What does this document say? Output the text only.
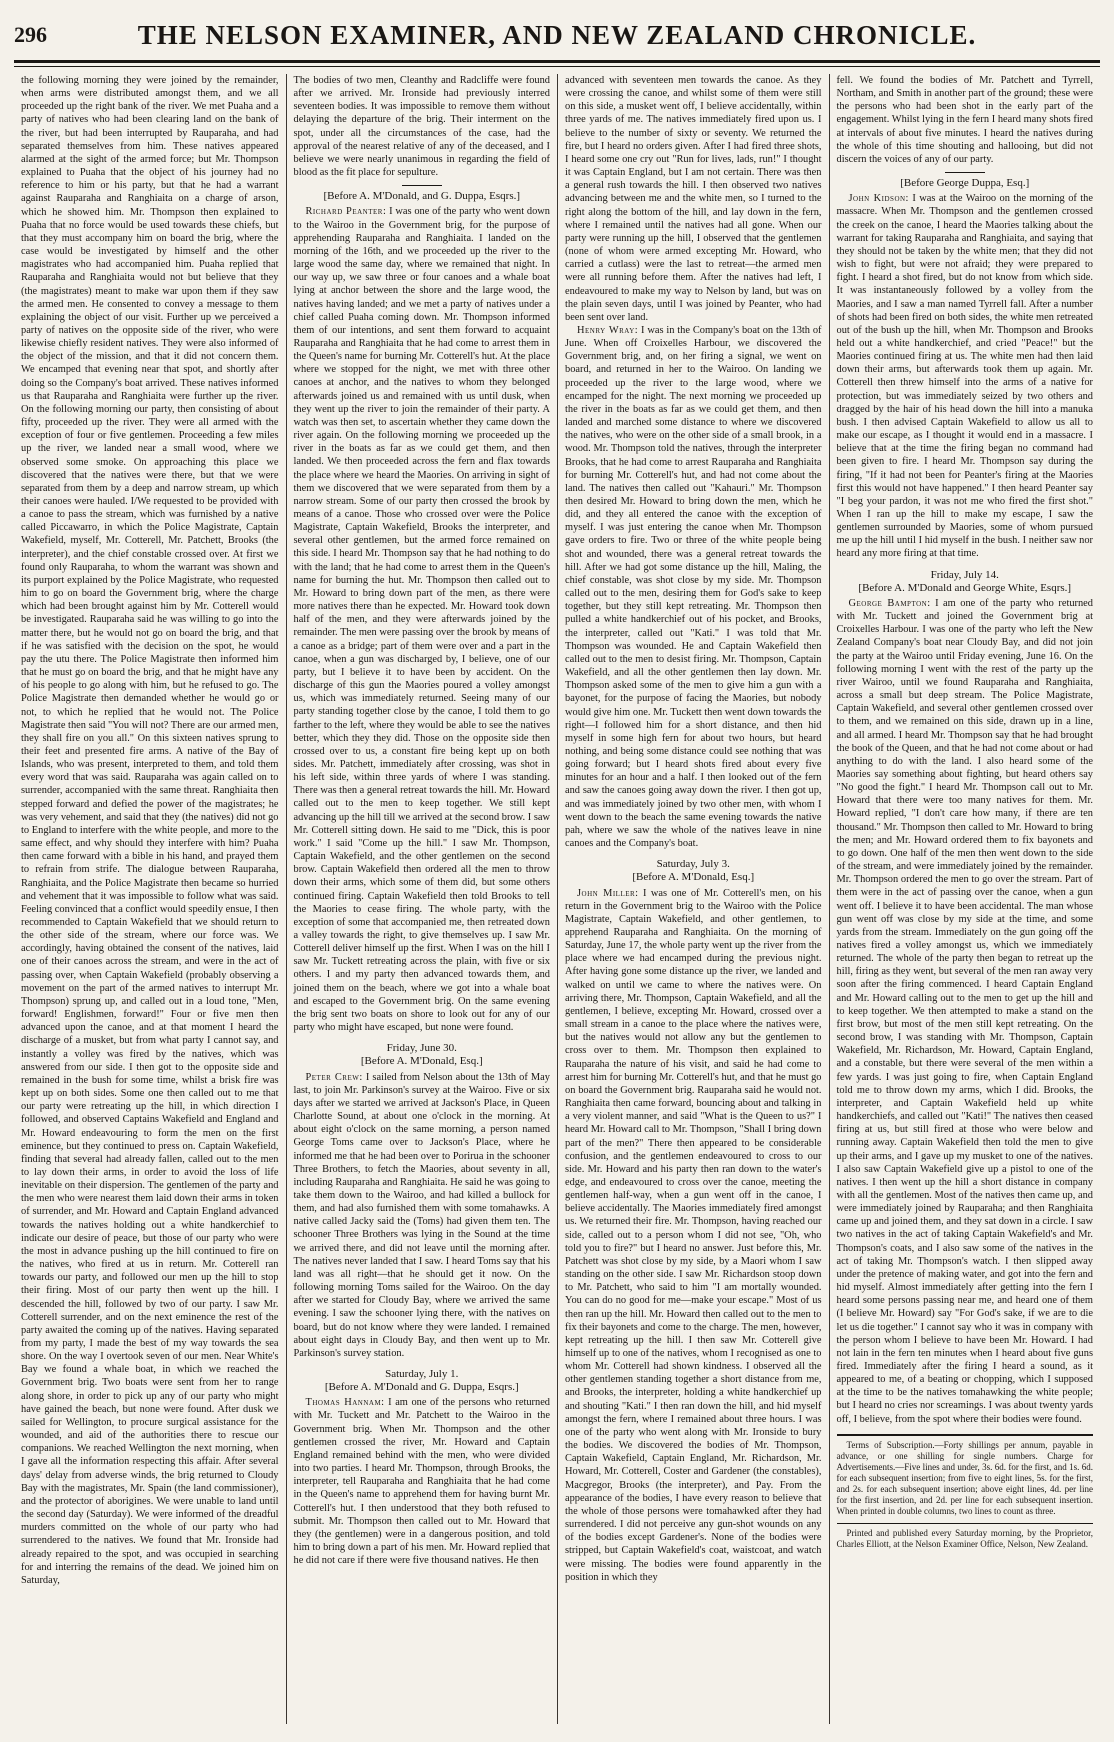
296	THE NELSON EXAMINER, AND NEW ZEALAND CHRONICLE.

the following morning they were joined by the remainder, when arms were distributed amongst them, and we all proceeded up the right bank of the river. We met Puaha and a party of natives who had been clearing land on the bank of the river, but had been interrupted by Rauparaha, and had separated themselves from him. These natives appeared alarmed at the sight of the armed force; but Mr. Thompson explained to Puaha that the object of his journey had no reference to him or his party, but that he had a warrant against Rauparaha and Ranghiaita on a charge of arson, which he showed him. Mr. Thompson then explained to Puaha that no force would be used towards these chiefs, but that they must accompany him on board the brig, where the case would be investigated by himself and the other magistrates who had accompanied him. Puaha replied that Rauparaha and Ranghiaita would not but believe that they (the magistrates) meant to make war upon them if they saw the armed men. He consented to convey a message to them explaining the object of our visit. Further up we perceived a party of natives on the opposite side of the river, who were likewise chiefly resident natives. They were also informed of the object of the mission, and that it did not concern them. We encamped that evening near that spot, and shortly after doing so the Company's boat arrived. These natives informed us that Rauparaha and Ranghiaita were further up the river. On the following morning our party, then consisting of about fifty, proceeded up the river. They were all armed with the exception of four or five gentlemen. Proceeding a few miles up the river, we landed near a small wood, where we observed some smoke. On approaching this place we discovered that the natives were there, but that we were separated from them by a deep and narrow stream, up which their canoes were hauled. I/We requested to be provided with a canoe to pass the stream, which was furnished by a native called Piccawarro, in which the Police Magistrate, Captain Wakefield, myself, Mr. Cotterell, Mr. Patchett, Brooks (the interpreter), and the chief constable crossed over. At first we found only Rauparaha, to whom the warrant was shown and its purport explained by the Police Magistrate, who requested him to go on board the Government brig, where the charge which had been brought against him by Mr. Cotterell would be investigated. Rauparaha said he was willing to go into the matter there, but he would not go on board the brig, and that if he was satisfied with the decision on the spot, he would pay the utu there. The Police Magistrate then informed him that he must go on board the brig, and that he might have any of his people to go along with him, but he refused to go. The Police Magistrate then demanded whether he would go or not, to which he replied that he would not. The Police Magistrate then said "You will not? There are our armed men, they shall fire on you all." On this sixteen natives sprung to their feet and presented fire arms. A native of the Bay of Islands, who was present, interpreted to them, and told them every word that was said. Rauparaha was again called on to surrender, accompanied with the same threat. Ranghiaita then stepped forward and defied the power of the magistrates; he was very vehement, and said that they (the natives) did not go to England to interfere with the white people, and more to the same effect, and why should they interfere with him? Puaha then came forward with a bible in his hand, and prayed them to refrain from strife. The dialogue between Rauparaha, Ranghiaita, and the Police Magistrate then became so hurried and vehement that it was impossible to follow what was said. Feeling convinced that a conflict would speedily ensue, I then recommended to Captain Wakefield that we should return to the other side of the stream, where our force was. We accordingly, having obtained the consent of the natives, laid one of their canoes across the stream, and were in the act of passing over, when Captain Wakefield (probably observing a movement on the part of the armed natives to interrupt Mr. Thompson) sprung up, and called out in a loud tone, "Men, forward! Englishmen, forward!" Four or five men then advanced upon the canoe, and at that moment I heard the discharge of a musket, but from what party I cannot say, and instantly a volley was fired by the natives, which was answered from our side. I then got to the opposite side and remained in the bush for some time, whilst a brisk fire was kept up on both sides. Some one then called out to me that our party were retreating up the hill, in which direction I followed, and observed Captains Wakefield and England and Mr. Howard endeavouring to form the men on the first eminence, but they continued to press on. Captain Wakefield, finding that several had already fallen, called out to the men to lay down their arms, in order to avoid the loss of life inevitable on their dispersion. The gentlemen of the party and the men who were nearest them laid down their arms in token of surrender, and Mr. Howard and Captain England advanced towards the natives holding out a white handkerchief to indicate our desire of peace, but those of our party who were the most in advance pushing up the hill continued to fire on the natives, who fired at us in return. Mr. Cotterell ran towards our party, and followed our men up the hill to stop their firing. Most of our party then went up the hill. I descended the hill, followed by two of our party. I saw Mr. Cotterell surrender, and on the next eminence the rest of the party awaited the coming up of the natives. Having separated from my party, I made the best of my way towards the sea shore. On the way I overtook seven of our men. Near White's Bay we found a whale boat, in which we reached the Government brig. Two boats were sent from her to range along shore, in order to pick up any of our party who might have gained the beach, but none were found. After dusk we sailed for Wellington, to procure surgical assistance for the wounded, and aid of the authorities there to rescue our companions. We reached Wellington the next morning, when I gave all the information respecting this affair. After several days' delay from adverse winds, the brig returned to Cloudy Bay with the magistrates, Mr. Spain (the land commissioner), and the protector of aborigines. We were unable to land until the second day (Saturday). We were informed of the dreadful murders committed on the whole of our party who had surrendered to the natives. We found that Mr. Ironside had already repaired to the spot, and was occupied in searching for and interring the remains of the dead. We joined him on Saturday,

The bodies of two men, Cleanthy and Radcliffe were found after we arrived. Mr. Ironside had previously interred seventeen bodies. It was impossible to remove them without delaying the departure of the brig. Their interment on the spot, under all the circumstances of the case, had the approval of the nearest relative of any of the deceased, and I believe we were nearly unanimous in regarding the field of blood as the fit place for sepulture.

[Before A. M'Donald, and G. Duppa, Esqrs.]

Richard Peanter: I was one of the party who went down to the Wairoo in the Government brig, for the purpose of apprehending Rauparaha and Ranghiaita. I landed on the morning of the 16th, and we proceeded up the river to the large wood the same day, where we remained that night. In our way up, we saw three or four canoes and a whale boat lying at anchor between the shore and the large wood, the natives having landed; and we met a party of natives under a chief called Puaha coming down. Mr. Thompson informed them of our intentions, and sent them forward to acquaint Rauparaha and Ranghiaita that he had come to arrest them in the Queen's name for burning Mr. Cotterell's hut. At the place where we stopped for the night, we met with three other canoes at anchor, and the natives to whom they belonged afterwards joined us and remained with us until dusk, when they went up the river to join the remainder of their party. A watch was then set, to ascertain whether they came down the river again. On the following morning we proceeded up the river in the boats as far as we could get them, and then landed. We then proceeded across the fern and flax towards the place where we heard the Maories. On arriving in sight of them we discovered that we were separated from them by a narrow stream. Some of our party then crossed the brook by means of a canoe. Those who crossed over were the Police Magistrate, Captain Wakefield, Brooks the interpreter, and several other gentlemen, but the armed force remained on this side. I heard Mr. Thompson say that he had nothing to do with the land; that he had come to arrest them in the Queen's name for burning the hut. Mr. Thompson then called out to Mr. Howard to bring down part of the men, as there were more natives there than he expected. Mr. Howard took down half of the men, and they were afterwards joined by the remainder. The men were passing over the brook by means of a canoe as a bridge; part of them were over and a part in the canoe, when a gun was discharged by, I believe, one of our party, but I believe it to have been by accident. On the discharge of this gun the Maories poured a volley amongst us, which was immediately returned. Seeing many of our party standing together close by the canoe, I told them to go farther to the left, where they would be able to see the natives better, which they they did. Those on the opposite side then crossed over to us, a constant fire being kept up on both sides. Mr. Patchett, immediately after crossing, was shot in his left side, within three yards of where I was standing. There was then a general retreat towards the hill. Mr. Howard called out to the men to keep together. We still kept advancing up the hill till we arrived at the second brow. I saw Mr. Cotterell sitting down. He said to me "Dick, this is poor work." I said "Come up the hill." I saw Mr. Thompson, Captain Wakefield, and the other gentlemen on the second brow. Captain Wakefield then ordered all the men to throw down their arms, which some of them did, but some others continued firing. Captain Wakefield then told Brooks to tell the Maories to cease firing. The whole party, with the exception of some that accompanied me, then retreated down a valley towards the right, to give themselves up. I saw Mr. Cotterell deliver himself up the first. When I was on the hill I saw Mr. Tuckett retreating across the plain, with five or six others. I and my party then advanced towards them, and joined them on the beach, where we got into a whale boat and escaped to the Government brig. On the same evening the brig sent two boats on shore to look out for any of our party who might have escaped, but none were found.

Friday, June 30.

[Before A. M'Donald, Esq.]

Peter Crew: I sailed from Nelson about the 13th of May last, to join Mr. Parkinson's survey at the Wairoo. Five or six days after we started we arrived at Jackson's Place, in Queen Charlotte Sound, at about one o'clock in the morning. At about eight o'clock on the same morning, a person named George Toms came over to Jackson's Place, where he informed me that he had been over to Porirua in the schooner Three Brothers, to fetch the Maories, about seventy in all, including Rauparaha and Ranghiaita. He said he was going to take them down to the Wairoo, and had killed a bullock for them, and had also furnished them with some tomahawks. A native called Jacky said the (Toms) had given them ten. The schooner Three Brothers was lying in the Sound at the time we arrived there, and did not leave until the morning after. The natives never landed that I saw. I heard Toms say that his land was all right—that he should get it now. On the following morning Toms sailed for the Wairoo. On the day after we started for Cloudy Bay, where we arrived the same evening. I saw the schooner lying there, with the natives on board, but do not know where they were landed. I remained about eight days in Cloudy Bay, and then went up to Mr. Parkinson's survey station.

Saturday, July 1.

[Before A. M'Donald and G. Duppa, Esqrs.]

Thomas Hannam: I am one of the persons who returned with Mr. Tuckett and Mr. Patchett to the Wairoo in the Government brig. When Mr. Thompson and the other gentlemen crossed the river, Mr. Howard and Captain England remained behind with the men, who were divided into two parties. I heard Mr. Thompson, through Brooks, the interpreter, tell Rauparaha and Ranghiaita that he had come in the Queen's name to apprehend them for having burnt Mr. Cotterell's hut. I then understood that they both refused to submit. Mr. Thompson then called out to Mr. Howard that they (the gentlemen) were in a dangerous position, and told him to bring down a part of his men. Mr. Howard replied that he did not care if there were five thousand natives. He then

advanced with seventeen men towards the canoe. As they were crossing the canoe, and whilst some of them were still on this side, a musket went off, I believe accidentally, within three yards of me. The natives immediately fired upon us. I believe to the number of sixty or seventy. We returned the fire, but I heard no orders given. After I had fired three shots, I heard some one cry out "Run for lives, lads, run!" I thought it was Captain England, but I am not certain. There was then a general rush towards the hill. I then observed two natives advancing between me and the white men, so I turned to the right along the bottom of the hill, and lay down in the fern, where I remained until the natives had all gone. When our party were running up the hill, I observed that the gentlemen (none of whom were armed excepting Mr. Howard, who carried a cutlass) were the last to retreat—the armed men were all running before them. After the natives had left, I endeavoured to make my way to Nelson by land, but was on the plain seven days, until I was joined by Peanter, who had been sent over land.

Henry Wray: I was in the Company's boat on the 13th of June. When off Croixelles Harbour, we discovered the Government brig, and, on her firing a signal, we went on board, and returned in her to the Wairoo. On landing we proceeded up the river to the large wood, where we encamped for the night. The next morning we proceeded up the river in the boats as far as we could get them, and then landed and marched some distance to where we discovered the natives, who were on the other side of a small brook, in a wood. Mr. Thompson told the natives, through the interpreter Brooks, that he had come to arrest Rauparaha and Ranghiaita for burning Mr. Cotterell's hut, and had not come about the land. The natives then called out "Kahauri." Mr. Thompson then desired Mr. Howard to bring down the men, which he did, and they all entered the canoe with the exception of myself. I was just entering the canoe when Mr. Thompson gave orders to fire. Two or three of the white people being shot and wounded, there was a general retreat towards the hill. After we had got some distance up the hill, Maling, the chief constable, was shot close by my side. Mr. Thompson called out to the men, desiring them for God's sake to keep together, but they still kept retreating. Mr. Thompson then pulled a white handkerchief out of his pocket, and Brooks, the interpreter, called out "Kati." I was told that Mr. Thompson was wounded. He and Captain Wakefield then called out to the men to desist firing. Mr. Thompson, Captain Wakefield, and all the other gentlemen then lay down. Mr. Thompson asked some of the men to give him a gun with a bayonet, for the purpose of facing the Maories, but nobody would give him one. Mr. Tuckett then went down towards the right—I followed him for a short distance, and then hid myself in some high fern for about two hours, but heard nothing, and being some distance could see nothing that was going forward; but I heard shots fired about every five minutes for an hour and a half. I then looked out of the fern and saw the canoes going away down the river. I then got up, and was immediately joined by two other men, with whom I went down to the beach the same evening towards the native pah, where we saw the whole of the natives leave in nine canoes and the Company's boat.

Saturday, July 3.

[Before A. M'Donald, Esq.]

John Miller: I was one of Mr. Cotterell's men, on his return in the Government brig to the Wairoo with the Police Magistrate, Captain Wakefield, and other gentlemen, to apprehend Rauparaha and Ranghiaita. On the morning of Saturday, June 17, the whole party went up the river from the place where we had encamped during the previous night. After having gone some distance up the river, we landed and walked on until we came to where the natives were. On arriving there, Mr. Thompson, Captain Wakefield, and all the gentlemen, I believe, excepting Mr. Howard, crossed over a small stream in a canoe to the place where the natives were, but the natives would not allow any but the gentlemen to cross over to them. Mr. Thompson then explained to Rauparaha the nature of his visit, and said he had come to arrest him for burning Mr. Cotterell's hut, and that he must go on board the Government brig. Rauparaha said he would not. Ranghiaita then came forward, bouncing about and talking in a very violent manner, and said "What is the Queen to us?" I heard Mr. Howard call to Mr. Thompson, "Shall I bring down part of the men?" There then appeared to be considerable confusion, and the gentlemen endeavoured to cross to our side. Mr. Howard and his party then ran down to the water's edge, and endeavoured to cross over the canoe, meeting the gentlemen half-way, when a gun went off in the canoe, I believe accidentally. The Maories immediately fired amongst us. We returned their fire. Mr. Thompson, having reached our side, called out to a person whom I did not see, "Oh, who told you to fire?" but I heard no answer. Just before this, Mr. Patchett was shot close by my side, by a Maori whom I saw standing on the other side. I saw Mr. Richardson stoop down to Mr. Patchett, who said to him "I am mortally wounded. You can do no good for me—make your escape." Most of us then ran up the hill. Mr. Howard then called out to the men to fix their bayonets and come to the charge. The men, however, kept retreating up the hill. I then saw Mr. Cotterell give himself up to one of the natives, whom I recognised as one to whom Mr. Cotterell had shown kindness. I observed all the other gentlemen standing together a short distance from me, and Brooks, the interpreter, holding a white handkerchief up and shouting "Kati." I then ran down the hill, and hid myself amongst the fern, where I remained about three hours. I was one of the party who went along with Mr. Ironside to bury the bodies. We discovered the bodies of Mr. Thompson, Captain Wakefield, Captain England, Mr. Richardson, Mr. Howard, Mr. Cotterell, Coster and Gardener (the constables), Macgregor, Brooks (the interpreter), and Pay. From the appearance of the bodies, I have every reason to believe that the whole of those persons were tomahawked after they had surrendered. I did not perceive any gun-shot wounds on any of the bodies except Gardener's. None of the bodies were stripped, but Captain Wakefield's coat, waistcoat, and watch were missing. The bodies were found apparently in the position in which they

fell. We found the bodies of Mr. Patchett and Tyrrell, Northam, and Smith in another part of the ground; these were the persons who had been shot in the early part of the engagement. Whilst lying in the fern I heard many shots fired at intervals of about five minutes. I heard the natives during the whole of this time shouting and hallooing, but did not discern the voices of any of our party.

[Before George Duppa, Esq.]

John Kidson: I was at the Wairoo on the morning of the massacre. When Mr. Thompson and the gentlemen crossed the creek on the canoe, I heard the Maories talking about the warrant for taking Rauparaha and Ranghiaita, and saying that they should not be taken by the white men; that they did not wish to fight, but were not afraid; they were prepared to fight. I heard a shot fired, but do not know from which side. It was instantaneously followed by a volley from the Maories, and I saw a man named Tyrrell fall. After a number of shots had been fired on both sides, the white men retreated out of the bush up the hill, when Mr. Thompson and Brooks held out a white handkerchief, and cried "Peace!" but the Maories continued firing at us. The white men had then laid down their arms, but afterwards took them up again. Mr. Cotterell then threw himself into the arms of a native for protection, but was immediately seized by two others and dragged by the hair of his head down the hill into a manuka bush. I then advised Captain Wakefield to allow us all to make our escape, as I thought it would end in a massacre. I believe that at the time the firing began no command had been given to fire. I heard Mr. Thompson say during the firing, "If it had not been for Peanter's firing at the Maories first this would not have happened." I then heard Peanter say "I beg your pardon, it was not me who fired the first shot." When I ran up the hill to make my escape, I saw the gentlemen surrounded by Maories, some of whom pursued me up the hill until I hid myself in the bush. I neither saw nor heard any more firing at that time.

Friday, July 14.

[Before A. M'Donald and George White, Esqrs.]

George Bampton: I am one of the party who returned with Mr. Tuckett and joined the Government brig at Croixelles Harbour. I was one of the party who left the New Zealand Company's boat near Cloudy Bay, and did not join the party at the Wairoo until Friday evening, June 16. On the following morning I went with the rest of the party up the river Wairoo, until we found Rauparaha and Ranghiaita, across a small but deep stream. The Police Magistrate, Captain Wakefield, and several other gentlemen crossed over to them, and we remained on this side, drawn up in a line, and all armed. I heard Mr. Thompson say that he had brought the book of the Queen, and that he had not come about or had anything to do with the land. I also heard some of the Maories say something about fighting, but heard others say "No good the fight." I heard Mr. Thompson call out to Mr. Howard that there were too many natives for them. Mr. Howard replied, "I don't care how many, if there are ten thousand." Mr. Thompson then called to Mr. Howard to bring the men; and Mr. Howard ordered them to fix bayonets and to go down. One half of the men then went down to the side of the stream, and were immediately joined by the remainder. Mr. Thompson ordered the men to go over the stream. Part of them were in the act of passing over the canoe, when a gun went off. I believe it to have been accidental. The man whose gun went off was close by my side at the time, and some yards from the stream. Immediately on the gun going off the natives fired a volley amongst us, which we immediately returned. The whole of the party then began to retreat up the hill, firing as they went, but several of the men ran away very soon after the firing commenced. I heard Captain England and Mr. Howard calling out to the men to get up the hill and to keep together. We then attempted to make a stand on the first brow, but most of the men still kept retreating. On the second brow, I was standing with Mr. Thompson, Captain Wakefield, Mr. Richardson, Mr. Howard, Captain England, and a constable, but there were several of the men within a few yards. I was just going to fire, when Captain England told me to throw down my arms, which I did. Brooks, the interpreter, and Captain Wakefield held up white handkerchiefs, and called out "Kati!" The natives then ceased firing at us, but still fired at those who were below and running away. Captain Wakefield then told the men to give up their arms, and I gave up my musket to one of the natives. I also saw Captain Wakefield give up a pistol to one of the natives. I then went up the hill a short distance in company with all the gentlemen. Most of the natives then came up, and were immediately joined by Rauparaha; and then Ranghiaita came up and joined them, and they sat down in a circle. I saw two natives in the act of taking Captain Wakefield's and Mr. Thompson's coats, and I also saw some of the natives in the act of taking Mr. Thompson's watch. I then slipped away under the pretence of making water, and got into the fern and hid myself. Almost immediately after getting into the fern I heard some persons passing near me, and heard one of them (I believe Mr. Howard) say "For God's sake, if we are to die let us die together." I cannot say who it was in company with the person whom I believe to have been Mr. Howard. I had not lain in the fern ten minutes when I heard about five guns fired. Immediately after the firing I heard a sound, as it appeared to me, of a beating or chopping, which I supposed at the time to be the natives tomahawking the white people; but I heard no cries nor screamings. I was about twenty yards off, I believe, from the spot where their bodies were found.

Terms of Subscription.—Forty shillings per annum, payable in advance, or one shilling for single numbers. Charge for Advertisements.—Five lines and under, 3s. 6d. for the first, and 1s. 6d. for each subsequent insertion; from five to eight lines, 5s. for the first, and 2s. for each subsequent insertion; above eight lines, 4d. per line for the first insertion, and 2d. per line for each subsequent insertion. When printed in double columns, two lines to count as three.

Printed and published every Saturday morning, by the Proprietor, Charles Elliott, at the Nelson Examiner Office, Nelson, New Zealand.
